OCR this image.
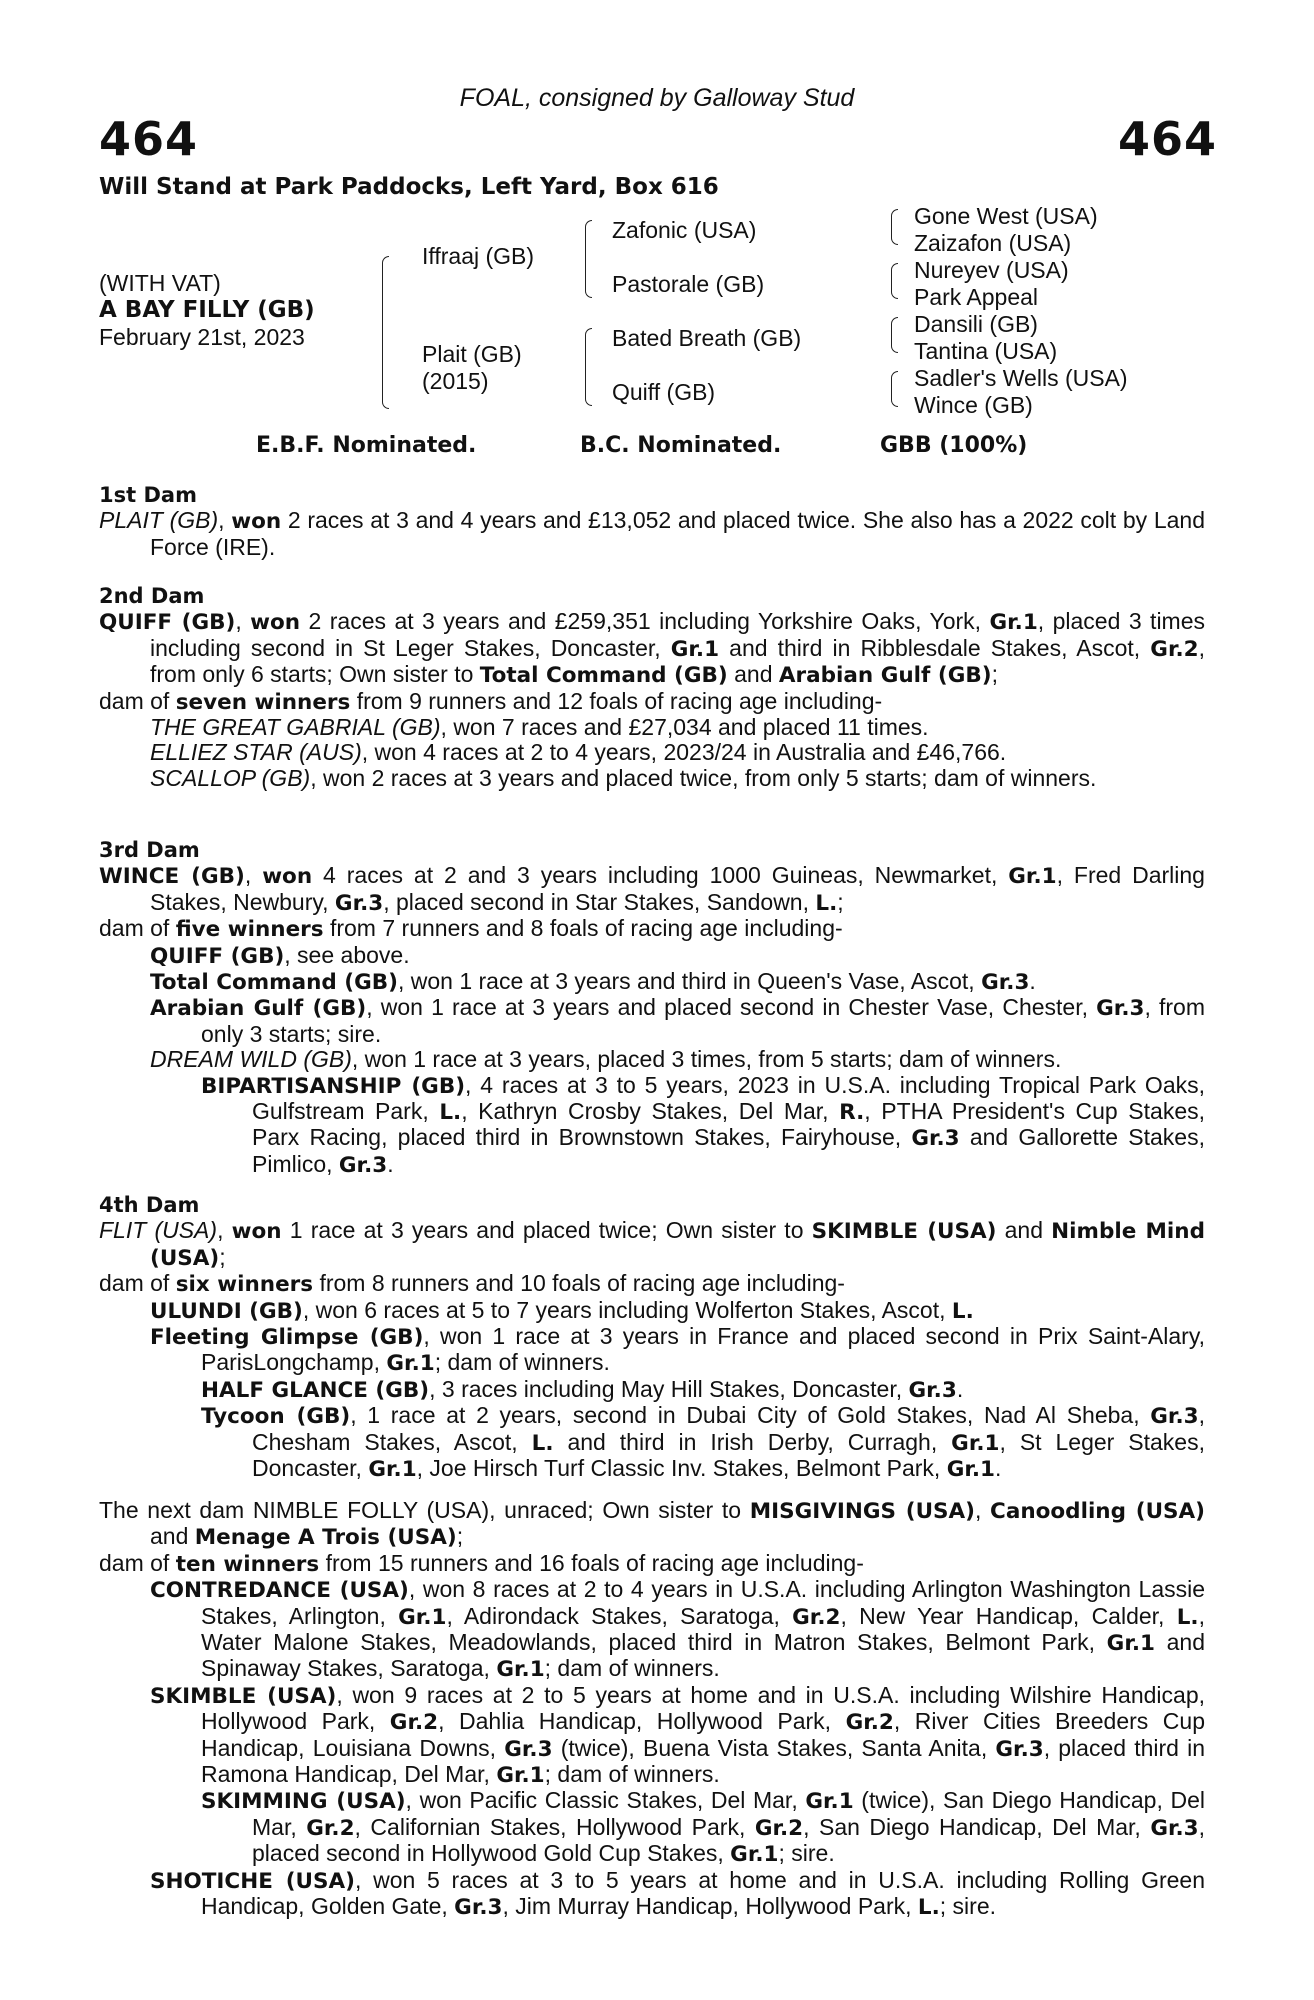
FOAL, consigned by Galloway Stud
464	464
Will Stand at Park Paddocks, Left Yard, Box 616
(WITH VAT)
A BAY FILLY (GB)
February 21st, 2023
Iffraaj (GB)
Plait (GB)
(2015)
Zafonic (USA)
Pastorale (GB)
Bated Breath (GB)
Quiff (GB)
Gone West (USA)
Zaizafon (USA)
Nureyev (USA)
Park Appeal
Dansili (GB)
Tantina (USA)
Sadler's Wells (USA)
Wince (GB)
E.B.F. Nominated.	B.C. Nominated.	GBB (100%)
1st Dam
PLAIT (GB), won 2 races at 3 and 4 years and £13,052 and placed twice. She also has a 2022 colt by Land Force (IRE).
2nd Dam
QUIFF (GB), won 2 races at 3 years and £259,351 including Yorkshire Oaks, York, Gr.1, placed 3 times including second in St Leger Stakes, Doncaster, Gr.1 and third in Ribblesdale Stakes, Ascot, Gr.2, from only 6 starts; Own sister to Total Command (GB) and Arabian Gulf (GB);
dam of seven winners from 9 runners and 12 foals of racing age including-
THE GREAT GABRIAL (GB), won 7 races and £27,034 and placed 11 times.
ELLIEZ STAR (AUS), won 4 races at 2 to 4 years, 2023/24 in Australia and £46,766.
SCALLOP (GB), won 2 races at 3 years and placed twice, from only 5 starts; dam of winners.
3rd Dam
WINCE (GB), won 4 races at 2 and 3 years including 1000 Guineas, Newmarket, Gr.1, Fred Darling Stakes, Newbury, Gr.3, placed second in Star Stakes, Sandown, L.;
dam of five winners from 7 runners and 8 foals of racing age including-
QUIFF (GB), see above.
Total Command (GB), won 1 race at 3 years and third in Queen's Vase, Ascot, Gr.3.
Arabian Gulf (GB), won 1 race at 3 years and placed second in Chester Vase, Chester, Gr.3, from only 3 starts; sire.
DREAM WILD (GB), won 1 race at 3 years, placed 3 times, from 5 starts; dam of winners.
BIPARTISANSHIP (GB), 4 races at 3 to 5 years, 2023 in U.S.A. including Tropical Park Oaks, Gulfstream Park, L., Kathryn Crosby Stakes, Del Mar, R., PTHA President's Cup Stakes, Parx Racing, placed third in Brownstown Stakes, Fairyhouse, Gr.3 and Gallorette Stakes, Pimlico, Gr.3.
4th Dam
FLIT (USA), won 1 race at 3 years and placed twice; Own sister to SKIMBLE (USA) and Nimble Mind (USA);
dam of six winners from 8 runners and 10 foals of racing age including-
ULUNDI (GB), won 6 races at 5 to 7 years including Wolferton Stakes, Ascot, L.
Fleeting Glimpse (GB), won 1 race at 3 years in France and placed second in Prix Saint-Alary, ParisLongchamp, Gr.1; dam of winners.
HALF GLANCE (GB), 3 races including May Hill Stakes, Doncaster, Gr.3.
Tycoon (GB), 1 race at 2 years, second in Dubai City of Gold Stakes, Nad Al Sheba, Gr.3, Chesham Stakes, Ascot, L. and third in Irish Derby, Curragh, Gr.1, St Leger Stakes, Doncaster, Gr.1, Joe Hirsch Turf Classic Inv. Stakes, Belmont Park, Gr.1.
The next dam NIMBLE FOLLY (USA), unraced; Own sister to MISGIVINGS (USA), Canoodling (USA) and Menage A Trois (USA);
dam of ten winners from 15 runners and 16 foals of racing age including-
CONTREDANCE (USA), won 8 races at 2 to 4 years in U.S.A. including Arlington Washington Lassie Stakes, Arlington, Gr.1, Adirondack Stakes, Saratoga, Gr.2, New Year Handicap, Calder, L., Water Malone Stakes, Meadowlands, placed third in Matron Stakes, Belmont Park, Gr.1 and Spinaway Stakes, Saratoga, Gr.1; dam of winners.
SKIMBLE (USA), won 9 races at 2 to 5 years at home and in U.S.A. including Wilshire Handicap, Hollywood Park, Gr.2, Dahlia Handicap, Hollywood Park, Gr.2, River Cities Breeders Cup Handicap, Louisiana Downs, Gr.3 (twice), Buena Vista Stakes, Santa Anita, Gr.3, placed third in Ramona Handicap, Del Mar, Gr.1; dam of winners.
SKIMMING (USA), won Pacific Classic Stakes, Del Mar, Gr.1 (twice), San Diego Handicap, Del Mar, Gr.2, Californian Stakes, Hollywood Park, Gr.2, San Diego Handicap, Del Mar, Gr.3, placed second in Hollywood Gold Cup Stakes, Gr.1; sire.
SHOTICHE (USA), won 5 races at 3 to 5 years at home and in U.S.A. including Rolling Green Handicap, Golden Gate, Gr.3, Jim Murray Handicap, Hollywood Park, L.; sire.
